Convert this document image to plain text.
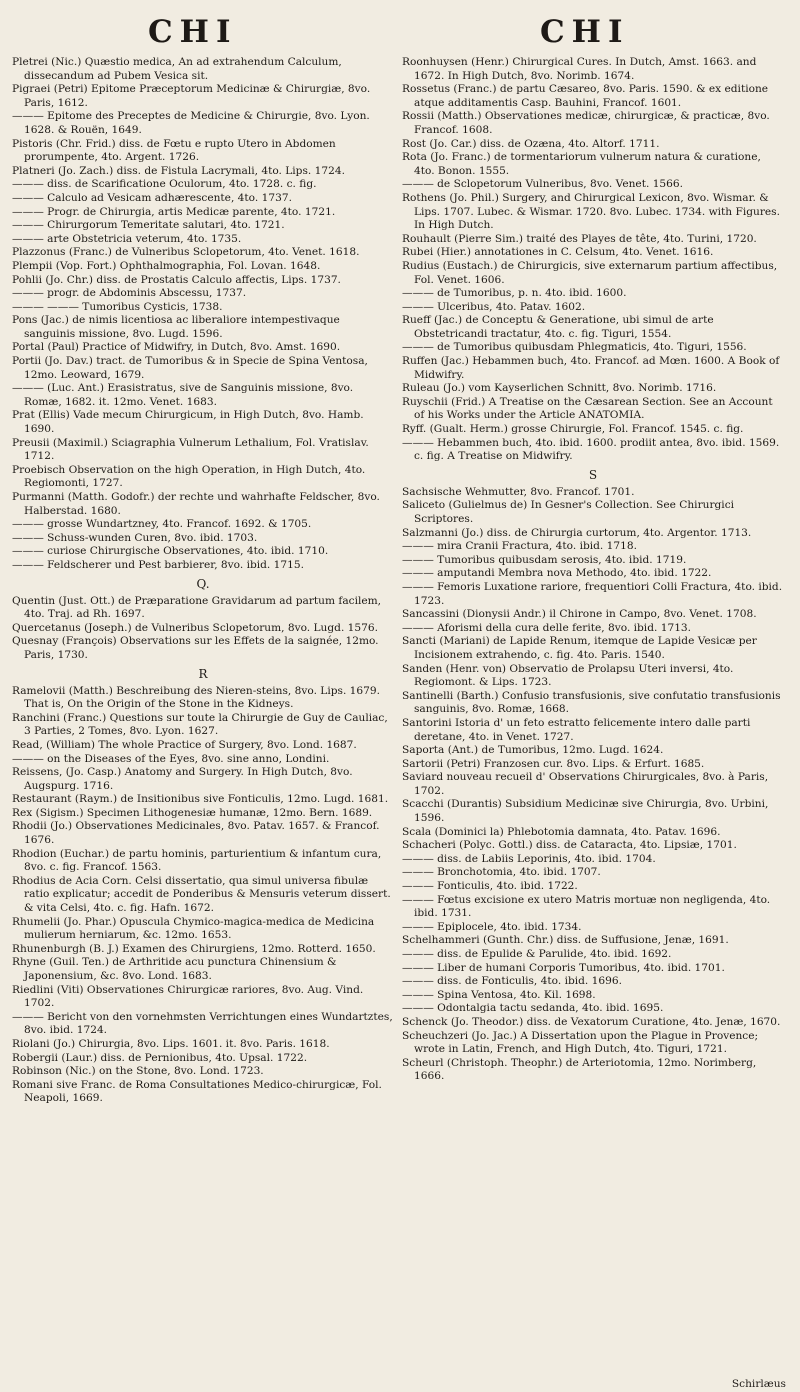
CHI	CHI

Pletrei (Nic.) Quæstio medica, An ad extrahendum Calculum, dissecandum ad Pubem Vesica sit.

Pigraei (Petri) Epitome Præceptorum Medicinæ & Chirurgiæ, 8vo. Paris, 1612.

——— Epitome des Preceptes de Medicine & Chirurgie, 8vo. Lyon. 1628. & Rouën, 1649.

Pistoris (Chr. Frid.) diss. de Fœtu e rupto Utero in Abdomen prorumpente, 4to. Argent. 1726.

Platneri (Jo. Zach.) diss. de Fistula Lacrymali, 4to. Lips. 1724.

——— diss. de Scarificatione Oculorum, 4to. 1728. c. fig.

——— Calculo ad Vesicam adhærescente, 4to. 1737.

——— Progr. de Chirurgia, artis Medicæ parente, 4to. 1721.

——— Chirurgorum Temeritate salutari, 4to. 1721.

——— arte Obstetricia veterum, 4to. 1735.

Plazzonus (Franc.) de Vulneribus Sclopetorum, 4to. Venet. 1618.

Plempii (Vop. Fort.) Ophthalmographia, Fol. Lovan. 1648.

Pohlii (Jo. Chr.) diss. de Prostatis Calculo affectis, Lips. 1737.

——— progr. de Abdominis Abscessu, 1737.

——— ——— Tumoribus Cysticis, 1738.

Pons (Jac.) de nimis licentiosa ac liberaliore intempestivaque sanguinis missione, 8vo. Lugd. 1596.

Portal (Paul) Practice of Midwifry, in Dutch, 8vo. Amst. 1690.

Portii (Jo. Dav.) tract. de Tumoribus & in Specie de Spina Ventosa, 12mo. Leoward, 1679.

——— (Luc. Ant.) Erasistratus, sive de Sanguinis missione, 8vo. Romæ, 1682. it. 12mo. Venet. 1683.

Prat (Ellis) Vade mecum Chirurgicum, in High Dutch, 8vo. Hamb. 1690.

Preusii (Maximil.) Sciagraphia Vulnerum Lethalium, Fol. Vratislav. 1712.

Proebisch Observation on the high Operation, in High Dutch, 4to. Regiomonti, 1727.

Purmanni (Matth. Godofr.) der rechte und wahrhafte Feldscher, 8vo. Halberstad. 1680.

——— grosse Wundartzney, 4to. Francof. 1692. & 1705.

——— Schuss-wunden Curen, 8vo. ibid. 1703.

——— curiose Chirurgische Observationes, 4to. ibid. 1710.

——— Feldscherer und Pest barbierer, 8vo. ibid. 1715.

Q.

Quentin (Just. Ott.) de Præparatione Gravidarum ad partum facilem, 4to. Traj. ad Rh. 1697.

Quercetanus (Joseph.) de Vulneribus Sclopetorum, 8vo. Lugd. 1576.

Quesnay (François) Observations sur les Effets de la saignée, 12mo. Paris, 1730.

R

Ramelovii (Matth.) Beschreibung des Nieren-steins, 8vo. Lips. 1679. That is, On the Origin of the Stone in the Kidneys.

Ranchini (Franc.) Questions sur toute la Chirurgie de Guy de Cauliac, 3 Parties, 2 Tomes, 8vo. Lyon. 1627.

Read, (William) The whole Practice of Surgery, 8vo. Lond. 1687.

——— on the Diseases of the Eyes, 8vo. sine anno, Londini.

Reissens, (Jo. Casp.) Anatomy and Surgery. In High Dutch, 8vo. Augspurg. 1716.

Restaurant (Raym.) de Insitionibus sive Fonticulis, 12mo. Lugd. 1681.

Rex (Sigism.) Specimen Lithogenesiæ humanæ, 12mo. Bern. 1689.

Rhodii (Jo.) Observationes Medicinales, 8vo. Patav. 1657. & Francof. 1676.

Rhodion (Euchar.) de partu hominis, parturientium & infantum cura, 8vo. c. fig. Francof. 1563.

Rhodius de Acia Corn. Celsi dissertatio, qua simul universa fibulæ ratio explicatur; accedit de Ponderibus & Mensuris veterum dissert. & vita Celsi, 4to. c. fig. Hafn. 1672.

Rhumelii (Jo. Phar.) Opuscula Chymico-magica-medica de Medicina mulierum herniarum, &c. 12mo. 1653.

Rhunenburgh (B. J.) Examen des Chirurgiens, 12mo. Rotterd. 1650.

Rhyne (Guil. Ten.) de Arthritide acu punctura Chinensium & Japonensium, &c. 8vo. Lond. 1683.

Riedlini (Viti) Observationes Chirurgicæ rariores, 8vo. Aug. Vind. 1702.

——— Bericht von den vornehmsten Verrichtungen eines Wundartztes, 8vo. ibid. 1724.

Riolani (Jo.) Chirurgia, 8vo. Lips. 1601. it. 8vo. Paris. 1618.

Robergii (Laur.) diss. de Pernionibus, 4to. Upsal. 1722.

Robinson (Nic.) on the Stone, 8vo. Lond. 1723.

Romani sive Franc. de Roma Consultationes Medico-chirurgicæ, Fol. Neapoli, 1669.

Roonhuysen (Henr.) Chirurgical Cures. In Dutch, Amst. 1663. and 1672. In High Dutch, 8vo. Norimb. 1674.

Rossetus (Franc.) de partu Cæsareo, 8vo. Paris. 1590. & ex editione atque additamentis Casp. Bauhini, Francof. 1601.

Rossii (Matth.) Observationes medicæ, chirurgicæ, & practicæ, 8vo. Francof. 1608.

Rost (Jo. Car.) diss. de Ozæna, 4to. Altorf. 1711.

Rota (Jo. Franc.) de tormentariorum vulnerum natura & curatione, 4to. Bonon. 1555.

——— de Sclopetorum Vulneribus, 8vo. Venet. 1566.

Rothens (Jo. Phil.) Surgery, and Chirurgical Lexicon, 8vo. Wismar. & Lips. 1707. Lubec. & Wismar. 1720. 8vo. Lubec. 1734. with Figures. In High Dutch.

Rouhault (Pierre Sim.) traité des Playes de tête, 4to. Turini, 1720.

Rubei (Hier.) annotationes in C. Celsum, 4to. Venet. 1616.

Rudius (Eustach.) de Chirurgicis, sive externarum partium affectibus, Fol. Venet. 1606.

——— de Tumoribus, p. n. 4to. ibid. 1600.

——— Ulceribus, 4to. Patav. 1602.

Rueff (Jac.) de Conceptu & Generatione, ubi simul de arte Obstetricandi tractatur, 4to. c. fig. Tiguri, 1554.

——— de Tumoribus quibusdam Phlegmaticis, 4to. Tiguri, 1556.

Ruffen (Jac.) Hebammen buch, 4to. Francof. ad Mœn. 1600. A Book of Midwifry.

Ruleau (Jo.) vom Kayserlichen Schnitt, 8vo. Norimb. 1716.

Ruyschii (Frid.) A Treatise on the Cæsarean Section. See an Account of his Works under the Article ANATOMIA.

Ryff. (Gualt. Herm.) grosse Chirurgie, Fol. Francof. 1545. c. fig.

——— Hebammen buch, 4to. ibid. 1600. prodiit antea, 8vo. ibid. 1569. c. fig. A Treatise on Midwifry.

S

Sachsische Wehmutter, 8vo. Francof. 1701.

Saliceto (Gulielmus de) In Gesner's Collection. See Chirurgici Scriptores.

Salzmanni (Jo.) diss. de Chirurgia curtorum, 4to. Argentor. 1713.

——— mira Cranii Fractura, 4to. ibid. 1718.

——— Tumoribus quibusdam serosis, 4to. ibid. 1719.

——— amputandi Membra nova Methodo, 4to. ibid. 1722.

——— Femoris Luxatione rariore, frequentiori Colli Fractura, 4to. ibid. 1723.

Sancassini (Dionysii Andr.) il Chirone in Campo, 8vo. Venet. 1708.

——— Aforismi della cura delle ferite, 8vo. ibid. 1713.

Sancti (Mariani) de Lapide Renum, itemque de Lapide Vesicæ per Incisionem extrahendo, c. fig. 4to. Paris. 1540.

Sanden (Henr. von) Observatio de Prolapsu Uteri inversi, 4to. Regiomont. & Lips. 1723.

Santinelli (Barth.) Confusio transfusionis, sive confutatio transfusionis sanguinis, 8vo. Romæ, 1668.

Santorini Istoria d' un feto estratto felicemente intero dalle parti deretane, 4to. in Venet. 1727.

Saporta (Ant.) de Tumoribus, 12mo. Lugd. 1624.

Sartorii (Petri) Franzosen cur. 8vo. Lips. & Erfurt. 1685.

Saviard nouveau recueil d' Observations Chirurgicales, 8vo. à Paris, 1702.

Scacchi (Durantis) Subsidium Medicinæ sive Chirurgia, 8vo. Urbini, 1596.

Scala (Dominici la) Phlebotomia damnata, 4to. Patav. 1696.

Schacheri (Polyc. Gottl.) diss. de Cataracta, 4to. Lipsiæ, 1701.

——— diss. de Labiis Leporinis, 4to. ibid. 1704.

——— Bronchotomia, 4to. ibid. 1707.

——— Fonticulis, 4to. ibid. 1722.

——— Fœtus excisione ex utero Matris mortuæ non negligenda, 4to. ibid. 1731.

——— Epiplocele, 4to. ibid. 1734.

Schelhammeri (Gunth. Chr.) diss. de Suffusione, Jenæ, 1691.

——— diss. de Epulide & Parulide, 4to. ibid. 1692.

——— Liber de humani Corporis Tumoribus, 4to. ibid. 1701.

——— diss. de Fonticulis, 4to. ibid. 1696.

——— Spina Ventosa, 4to. Kil. 1698.

——— Odontalgia tactu sedanda, 4to. ibid. 1695.

Schenck (Jo. Theodor.) diss. de Vexatorum Curatione, 4to. Jenæ, 1670.

Scheuchzeri (Jo. Jac.) A Dissertation upon the Plague in Provence; wrote in Latin, French, and High Dutch, 4to. Tiguri, 1721.

Scheurl (Christoph. Theophr.) de Arteriotomia, 12mo. Norimberg, 1666.

Schirlæus
